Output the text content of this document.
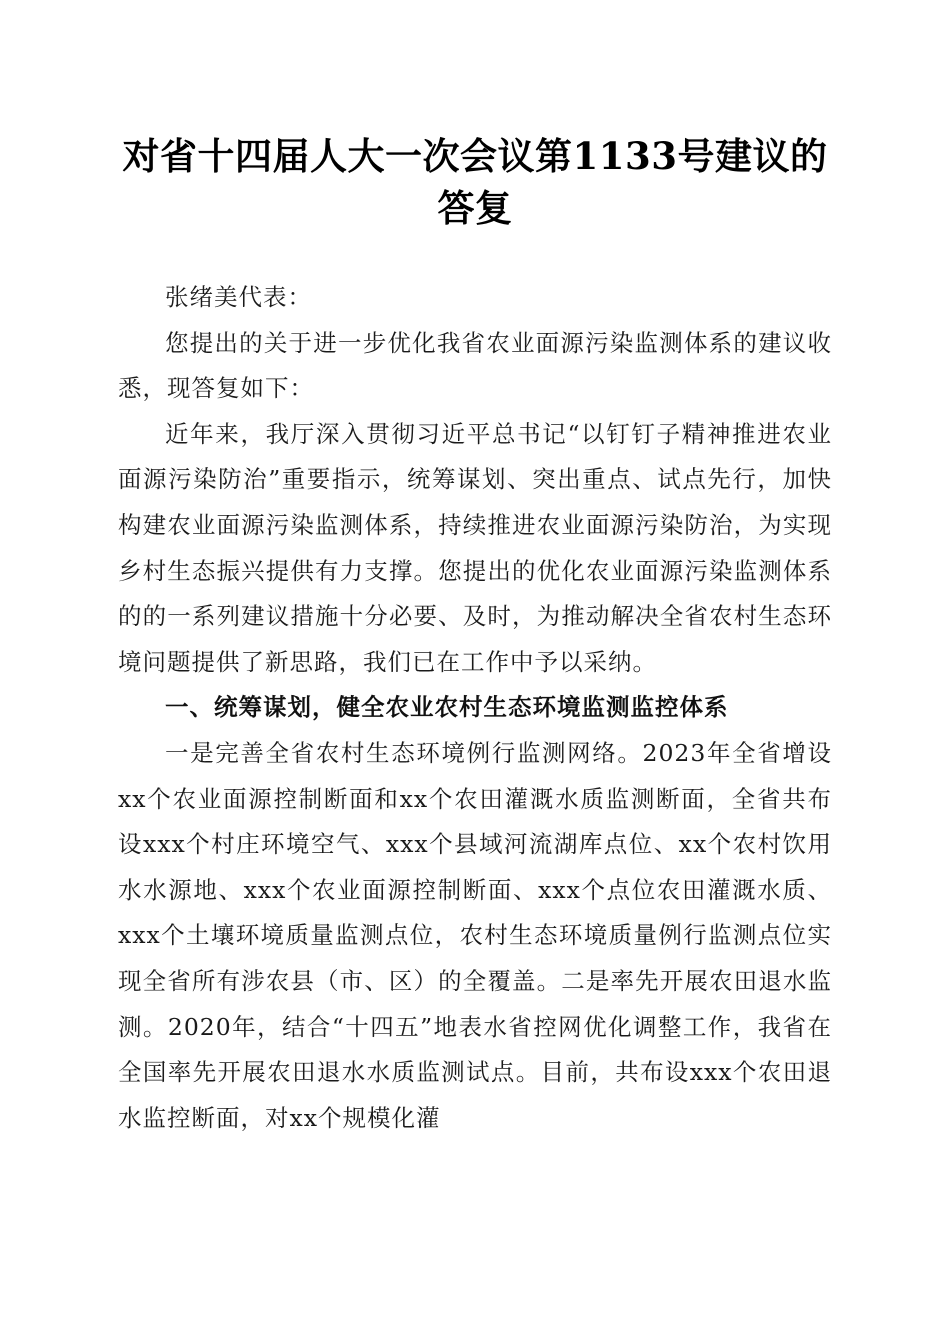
对省十四届人大一次会议第1133号建议的答复

张绪美代表：

您提出的关于进一步优化我省农业面源污染监测体系的建议收悉，现答复如下：

近年来，我厅深入贯彻习近平总书记“以钉钉子精神推进农业面源污染防治”重要指示，统筹谋划、突出重点、试点先行，加快构建农业面源污染监测体系，持续推进农业面源污染防治，为实现乡村生态振兴提供有力支撑。您提出的优化农业面源污染监测体系的的一系列建议措施十分必要、及时，为推动解决全省农村生态环境问题提供了新思路，我们已在工作中予以采纳。

一、统筹谋划，健全农业农村生态环境监测监控体系

一是完善全省农村生态环境例行监测网络。2023年全省增设xx个农业面源控制断面和xx个农田灌溉水质监测断面，全省共布设xxx个村庄环境空气、xxx个县域河流湖库点位、xx个农村饮用水水源地、xxx个农业面源控制断面、xxx个点位农田灌溉水质、xxx个土壤环境质量监测点位，农村生态环境质量例行监测点位实现全省所有涉农县（市、区）的全覆盖。二是率先开展农田退水监测。2020年，结合“十四五”地表水省控网优化调整工作，我省在全国率先开展农田退水水质监测试点。目前，共布设xxx个农田退水监控断面，对xx个规模化灌
